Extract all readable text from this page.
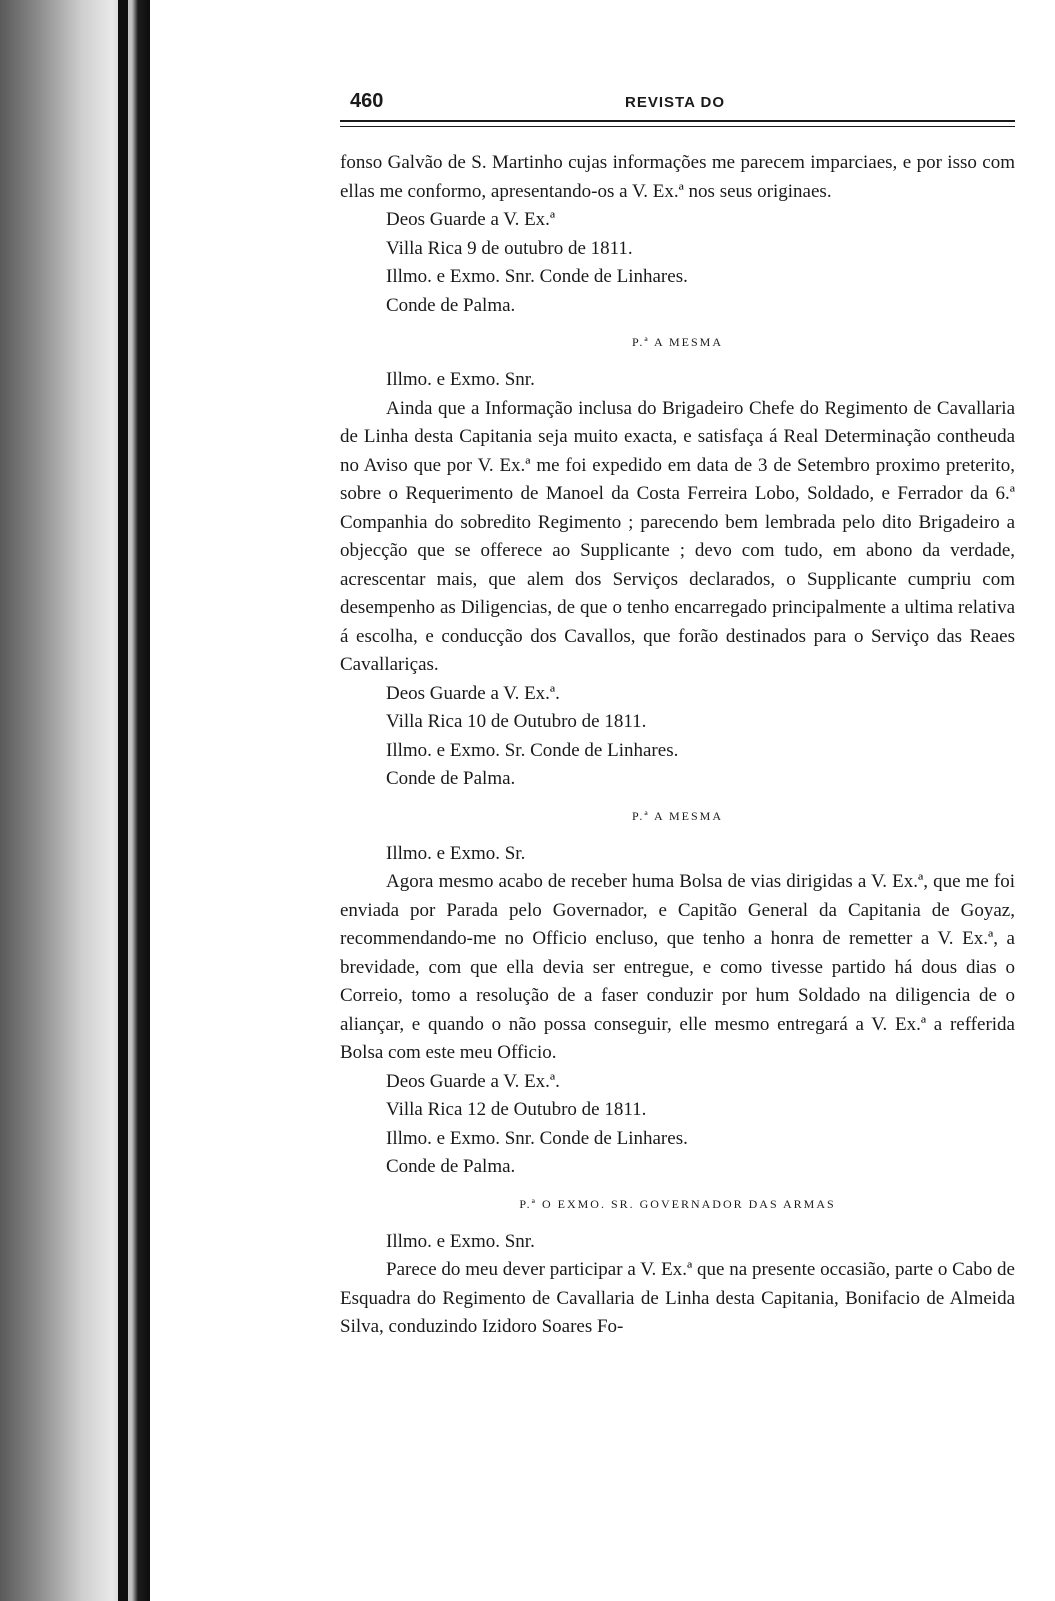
460	REVISTA DO
fonso Galvão de S. Martinho cujas informações me parecem imparciaes, e por isso com ellas me conformo, apresentando-os a V. Ex.ª nos seus originaes.
Deos Guarde a V. Ex.ª
Villa Rica 9 de outubro de 1811.
Illmo. e Exmo. Snr. Conde de Linhares.
Conde de Palma.
P.ª A MESMA
Illmo. e Exmo. Snr.
Ainda que a Informação inclusa do Brigadeiro Chefe do Regimento de Cavallaria de Linha desta Capitania seja muito exacta, e satisfaça á Real Determinação contheuda no Aviso que por V. Ex.ª me foi expedido em data de 3 de Setembro proximo preterito, sobre o Requerimento de Manoel da Costa Ferreira Lobo, Soldado, e Ferrador da 6.ª Companhia do sobredito Regimento ; parecendo bem lembrada pelo dito Brigadeiro a objecção que se offerece ao Supplicante ; devo com tudo, em abono da verdade, acrescentar mais, que alem dos Serviços declarados, o Supplicante cumpriu com desempenho as Diligencias, de que o tenho encarregado principalmente a ultima relativa á escolha, e conducção dos Cavallos, que forão destinados para o Serviço das Reaes Cavallariças.
Deos Guarde a V. Ex.ª.
Villa Rica 10 de Outubro de 1811.
Illmo. e Exmo. Sr. Conde de Linhares.
Conde de Palma.
P.ª A MESMA
Illmo. e Exmo. Sr.
Agora mesmo acabo de receber huma Bolsa de vias dirigidas a V. Ex.ª, que me foi enviada por Parada pelo Governador, e Capitão General da Capitania de Goyaz, recommendando-me no Officio encluso, que tenho a honra de remetter a V. Ex.ª, a brevidade, com que ella devia ser entregue, e como tivesse partido há dous dias o Correio, tomo a resolução de a faser conduzir por hum Soldado na diligencia de o aliançar, e quando o não possa conseguir, elle mesmo entregará a V. Ex.ª a refferida Bolsa com este meu Officio.
Deos Guarde a V. Ex.ª.
Villa Rica 12 de Outubro de 1811.
Illmo. e Exmo. Snr. Conde de Linhares.
Conde de Palma.
P.ª O EXMO. SR. GOVERNADOR DAS ARMAS
Illmo. e Exmo. Snr.
Parece do meu dever participar a V. Ex.ª que na presente occasião, parte o Cabo de Esquadra do Regimento de Cavallaria de Linha desta Capitania, Bonifacio de Almeida Silva, conduzindo Izidoro Soares Fo-
